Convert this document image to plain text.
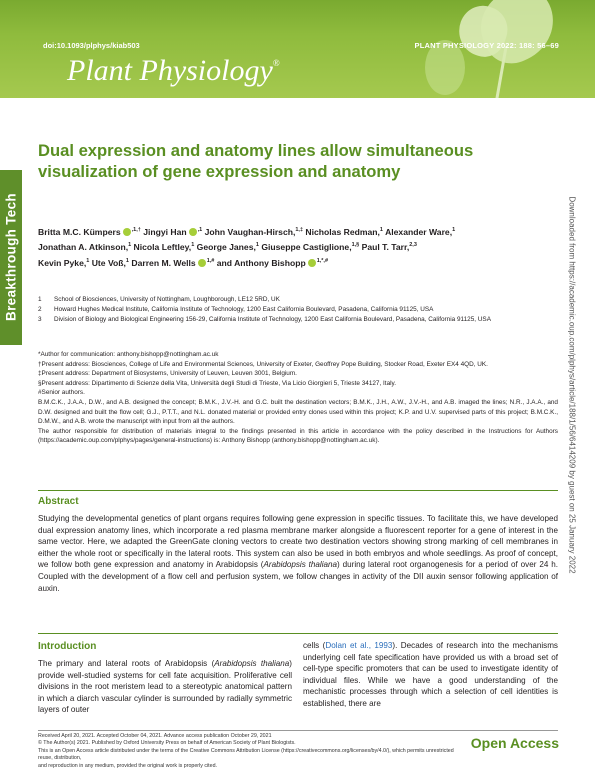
doi:10.1093/plphys/kiab503	PLANT PHYSIOLOGY 2022: 188: 56–69
Plant Physiology®
Breakthrough Tech	Downloaded from https://academic.oup.com/plphys/article/188/1/56/6414209 by guest on 25 January 2022
Dual expression and anatomy lines allow simultaneous visualization of gene expression and anatomy
Britta M.C. Kümpers $^{,1,\dagger}$ Jingyi Han $^{,1}$ John Vaughan-Hirsch,$^{1,\ddagger}$ Nicholas Redman,$^1$ Alexander Ware,$^1$
Jonathan A. Atkinson,$^1$ Nicola Leftley,$^1$ George Janes,$^1$ Giuseppe Castiglione,$^{1,\S}$ Paul T. Tarr,$^{2,3}$
Kevin Pyke,$^1$ Ute Voß,$^1$ Darren M. Wells $^{1,\#}$ and Anthony Bishopp $^{1,*,\#}$
1	School of Biosciences, University of Nottingham, Loughborough, LE12 5RD, UK
2	Howard Hughes Medical Institute, California Institute of Technology, 1200 East California Boulevard, Pasadena, California 91125, USA
3	Division of Biology and Biological Engineering 156-29, California Institute of Technology, 1200 East California Boulevard, Pasadena, California 91125, USA

*Author for communication: anthony.bishopp@nottingham.ac.uk

†Present address: Biosciences, College of Life and Environmental Sciences, University of Exeter, Geoffrey Pope Building, Stocker Road, Exeter EX4 4QD, UK.

‡Present address: Department of Biosystems, University of Leuven, Leuven 3001, Belgium.

§Present address: Dipartimento di Scienze della Vita, Università degli Studi di Trieste, Via Licio Giorgieri 5, Trieste 34127, Italy.

#Senior authors.

B.M.C.K., J.A.A., D.W., and A.B. designed the concept; B.M.K., J.V.-H. and G.C. built the destination vectors; B.M.K., J.H., A.W., J.V.-H., and A.B. imaged the lines; N.R., J.A.A., and D.W. designed and built the flow cell; G.J., P.T.T., and N.L. donated material or provided entry clones used within this project; K.P. and U.V. supervised parts of this project; B.M.C.K., D.M.W., and A.B. wrote the manuscript with input from all the authors.

The author responsible for distribution of materials integral to the findings presented in this article in accordance with the policy described in the Instructions for Authors (https://academic.oup.com/plphys/pages/general-instructions) is: Anthony Bishopp (anthony.bishopp@nottingham.ac.uk).

Abstract

Studying the developmental genetics of plant organs requires following gene expression in specific tissues. To facilitate this, we have developed dual expression anatomy lines, which incorporate a red plasma membrane marker alongside a fluorescent reporter for a gene of interest in the same vector. Here, we adapted the GreenGate cloning vectors to create two destination vectors showing strong marking of cell membranes in either the whole root or specifically in the lateral roots. This system can also be used in both embryos and whole seedlings. As proof of concept, we follow both gene expression and anatomy in Arabidopsis (Arabidopsis thaliana) during lateral root organogenesis for a period of over 24 h. Coupled with the development of a flow cell and perfusion system, we follow changes in activity of the DII auxin sensor following application of auxin.

Introduction

The primary and lateral roots of Arabidopsis (Arabidopsis thaliana) provide well-studied systems for cell fate acquisition. Proliferative cell divisions in the root meristem lead to a stereotypic anatomical pattern in which a diarch vascular cylinder is surrounded by radially symmetric layers of outer

cells (Dolan et al., 1993). Decades of research into the mechanisms underlying cell fate specification have provided us with a broad set of cell-type specific promoters that can be used to investigate identity of individual files. While we have a good understanding of the mechanistic processes through which a selection of cell identities is established, there are

Received April 20, 2021. Accepted October 04, 2021. Advance access publication October 29, 2021
© The Author(s) 2021. Published by Oxford University Press on behalf of American Society of Plant Biologists.
This is an Open Access article distributed under the terms of the Creative Commons Attribution License (https://creativecommons.org/licenses/by/4.0/), which permits unrestricted reuse, distribution,
and reproduction in any medium, provided the original work is properly cited.
Open Access
